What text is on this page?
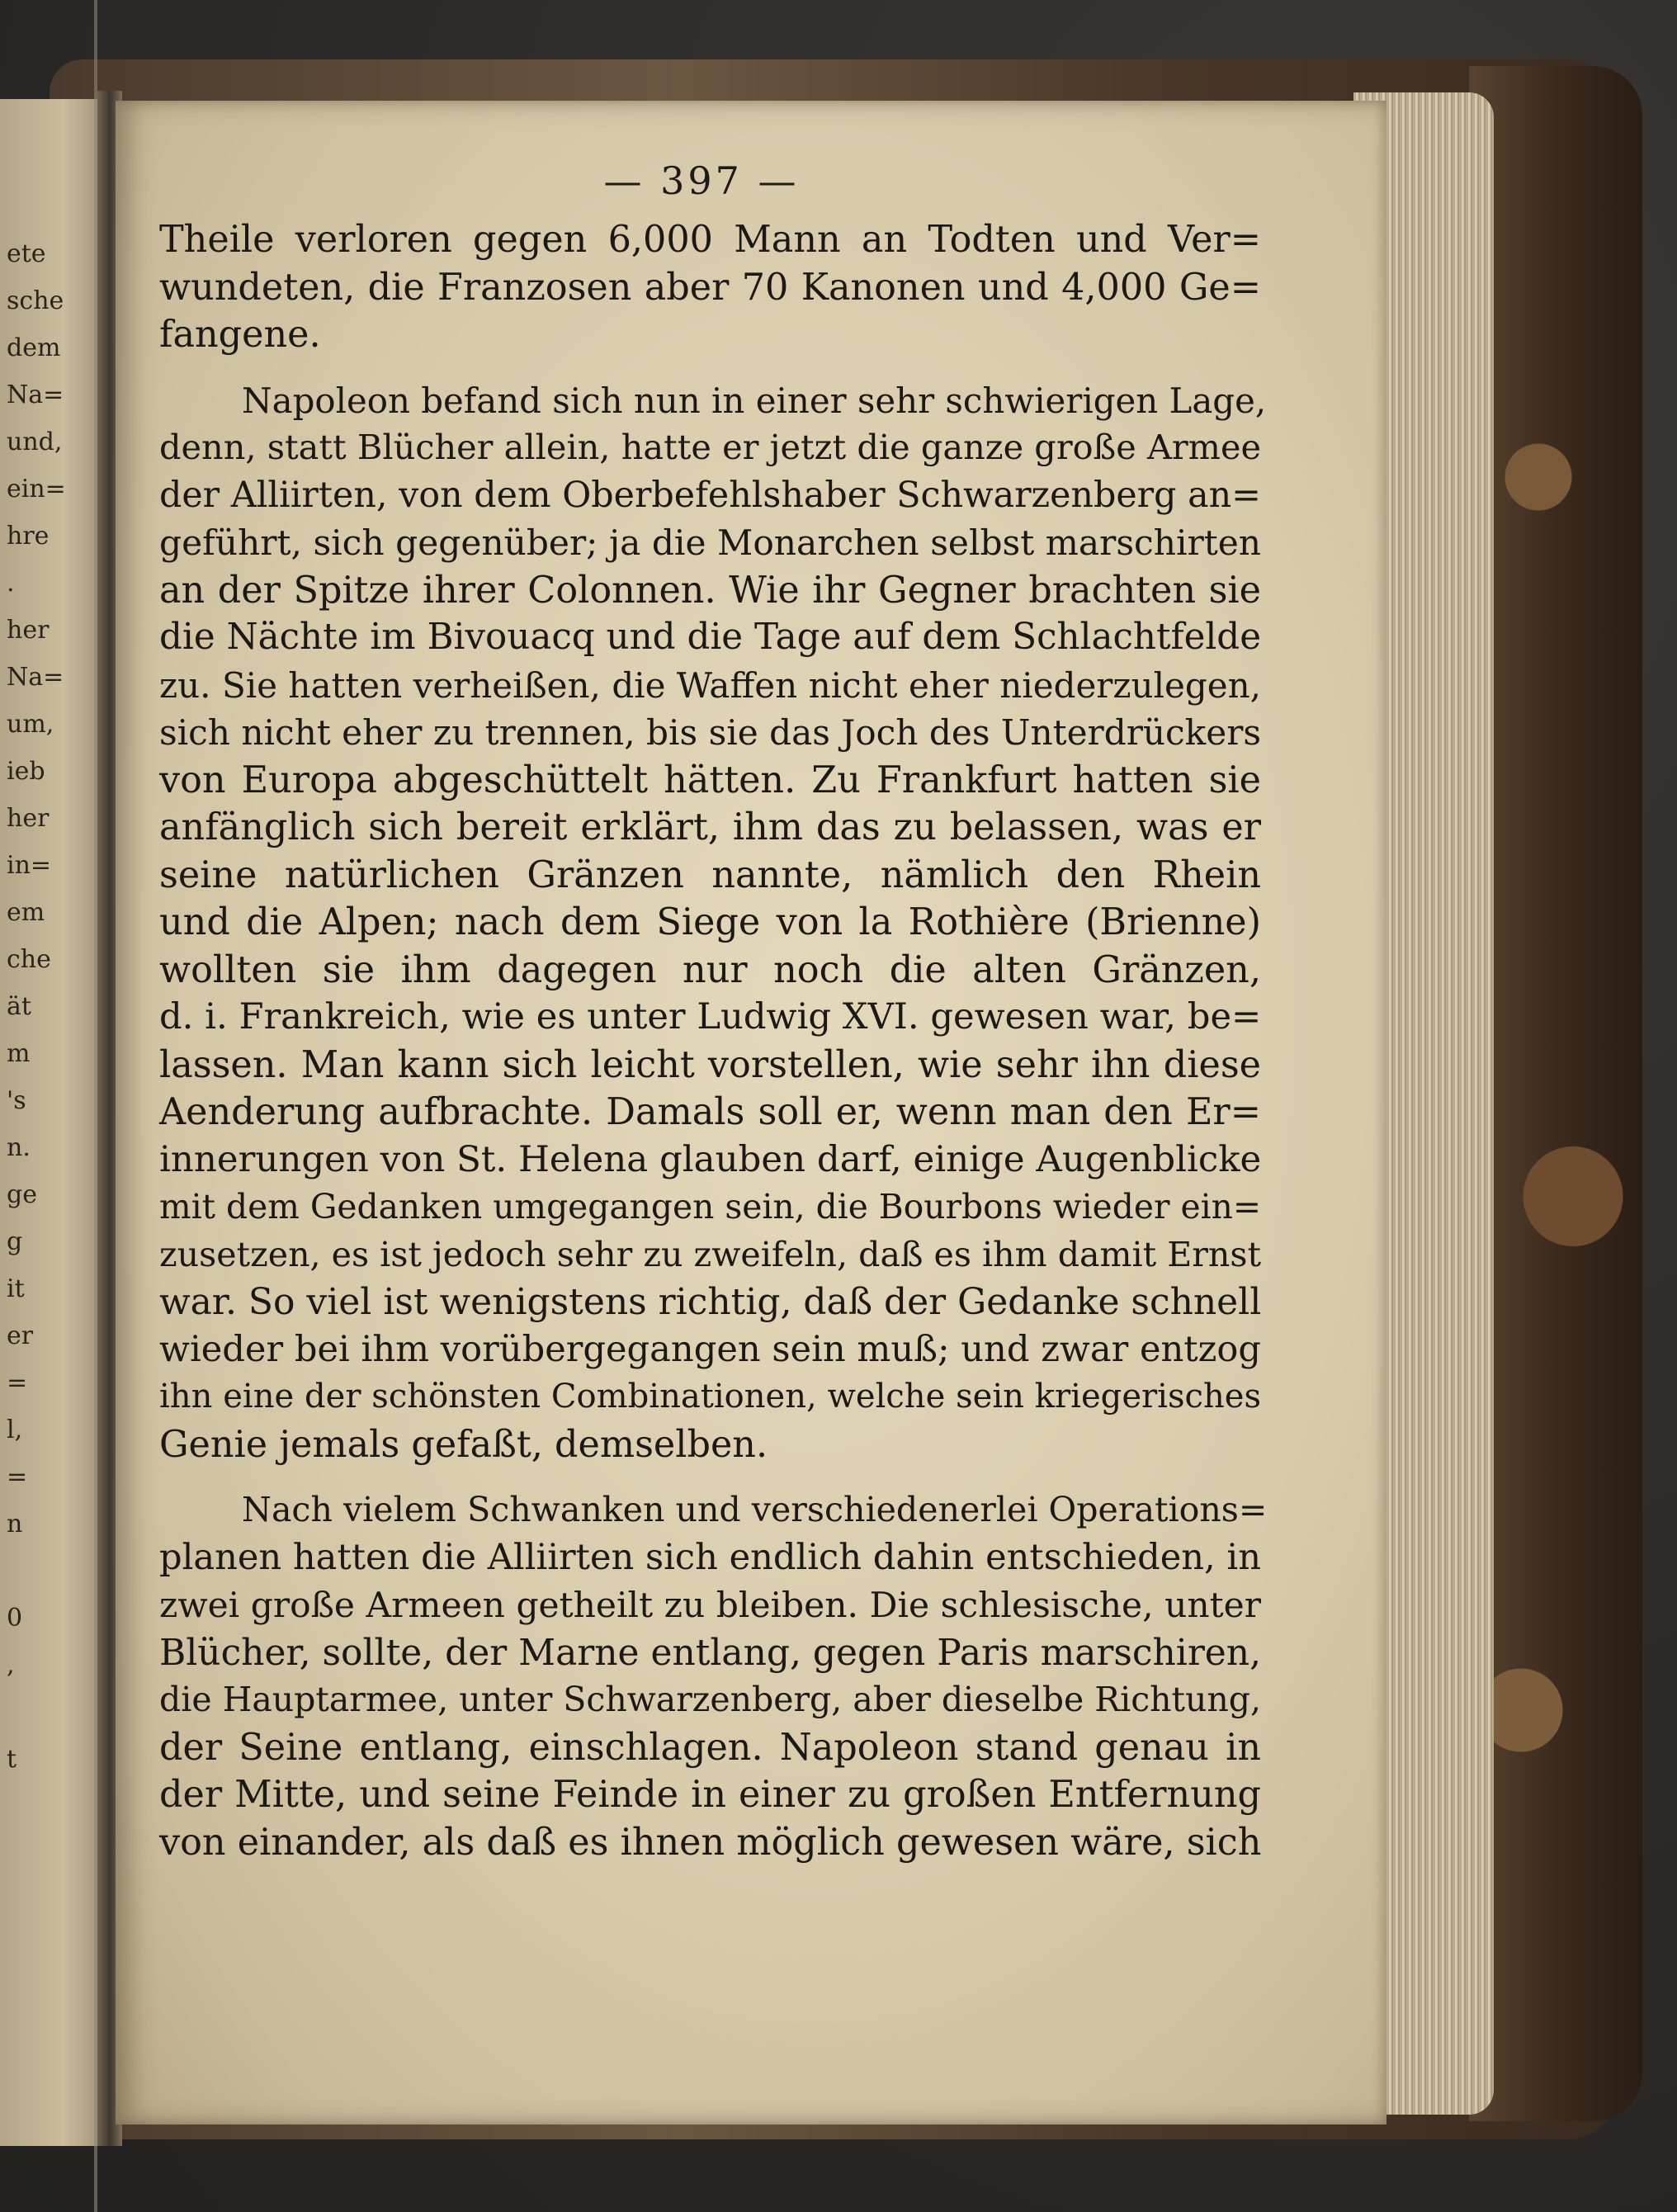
ete
sche
dem
Na=
und,
ein=
hre
.
her
Na=
um,
ieb
her
in=
em
che
ät
m
's
n.
ge
g
it
er
=
l,
=
n
0
,
t
— 397 —
Theile verloren gegen 6,000 Mann an Todten und Ver=
wundeten, die Franzosen aber 70 Kanonen und 4,000 Ge=
fangene.
Napoleon befand sich nun in einer sehr schwierigen Lage,
denn, statt Blücher allein, hatte er jetzt die ganze große Armee
der Alliirten, von dem Oberbefehlshaber Schwarzenberg an=
geführt, sich gegenüber; ja die Monarchen selbst marschirten
an der Spitze ihrer Colonnen. Wie ihr Gegner brachten sie
die Nächte im Bivouacq und die Tage auf dem Schlachtfelde
zu. Sie hatten verheißen, die Waffen nicht eher niederzulegen,
sich nicht eher zu trennen, bis sie das Joch des Unterdrückers
von Europa abgeschüttelt hätten. Zu Frankfurt hatten sie
anfänglich sich bereit erklärt, ihm das zu belassen, was er
seine natürlichen Gränzen nannte, nämlich den Rhein
und die Alpen; nach dem Siege von la Rothière (Brienne)
wollten sie ihm dagegen nur noch die alten Gränzen,
d. i. Frankreich, wie es unter Ludwig XVI. gewesen war, be=
lassen. Man kann sich leicht vorstellen, wie sehr ihn diese
Aenderung aufbrachte. Damals soll er, wenn man den Er=
innerungen von St. Helena glauben darf, einige Augenblicke
mit dem Gedanken umgegangen sein, die Bourbons wieder ein=
zusetzen, es ist jedoch sehr zu zweifeln, daß es ihm damit Ernst
war. So viel ist wenigstens richtig, daß der Gedanke schnell
wieder bei ihm vorübergegangen sein muß; und zwar entzog
ihn eine der schönsten Combinationen, welche sein kriegerisches
Genie jemals gefaßt, demselben.
Nach vielem Schwanken und verschiedenerlei Operations=
planen hatten die Alliirten sich endlich dahin entschieden, in
zwei große Armeen getheilt zu bleiben. Die schlesische, unter
Blücher, sollte, der Marne entlang, gegen Paris marschiren,
die Hauptarmee, unter Schwarzenberg, aber dieselbe Richtung,
der Seine entlang, einschlagen. Napoleon stand genau in
der Mitte, und seine Feinde in einer zu großen Entfernung
von einander, als daß es ihnen möglich gewesen wäre, sich
